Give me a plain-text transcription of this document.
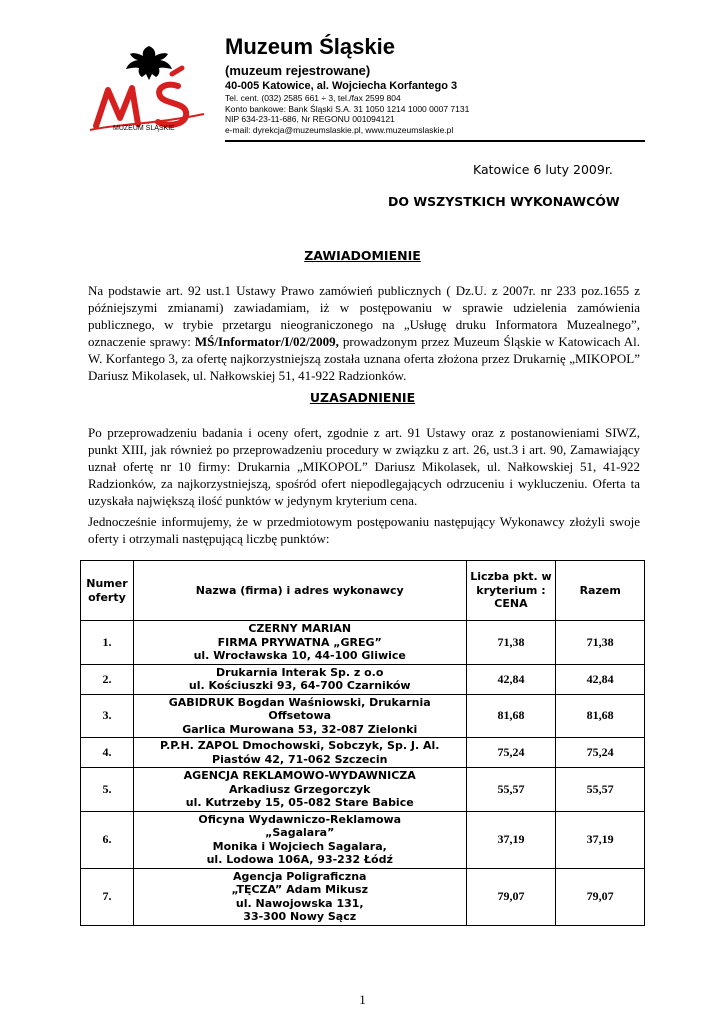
MUZEUM ŚLĄSKIE
Muzeum Śląskie
(muzeum rejestrowane)
40-005 Katowice, al. Wojciecha Korfantego 3
Tel. cent. (032) 2585 661 ÷ 3, tel./fax 2599 804
Konto bankowe: Bank Śląski S.A. 31 1050 1214 1000 0007 7131
NIP 634-23-11-686, Nr REGONU 001094121
e-mail: dyrekcja@muzeumslaskie.pl, www.muzeumslaskie.pl
Katowice 6 luty 2009r.
DO WSZYSTKICH WYKONAWCÓW
ZAWIADOMIENIE
Na podstawie art. 92 ust.1 Ustawy Prawo zamówień publicznych ( Dz.U. z 2007r. nr 233 poz.1655 z późniejszymi zmianami) zawiadamiam, iż w postępowaniu w sprawie udzielenia zamówienia publicznego, w trybie przetargu nieograniczonego na „Usługę druku Informatora Muzealnego”, oznaczenie sprawy: MŚ/Informator/I/02/2009, prowadzonym przez Muzeum Śląskie w Katowicach Al. W. Korfantego 3, za ofertę najkorzystniejszą została uznana oferta złożona przez Drukarnię „MIKOPOL” Dariusz Mikolasek, ul. Nałkowskiej 51, 41-922 Radzionków.
UZASADNIENIE
Po przeprowadzeniu badania i oceny ofert, zgodnie z art. 91 Ustawy oraz z postanowieniami SIWZ, punkt XIII, jak również po przeprowadzeniu procedury w związku z art. 26, ust.3 i art. 90, Zamawiający uznał ofertę nr 10 firmy: Drukarnia „MIKOPOL” Dariusz Mikolasek, ul. Nałkowskiej 51, 41-922 Radzionków, za najkorzystniejszą, spośród ofert niepodlegających odrzuceniu i wykluczeniu. Oferta ta uzyskała największą ilość punktów w jedynym kryterium cena.
Jednocześnie informujemy, że w przedmiotowym postępowaniu następujący Wykonawcy złożyli swoje oferty i otrzymali następującą liczbę punktów:
Numer oferty	Nazwa (firma) i adres wykonawcy	Liczba pkt. w kryterium : CENA	Razem
1.	CZERNY MARIAN
FIRMA PRYWATNA „GREG”
ul. Wrocławska 10, 44-100 Gliwice	71,38	71,38
2.	Drukarnia Interak Sp. z o.o
ul. Kościuszki 93, 64-700 Czarników	42,84	42,84
3.	GABIDRUK Bogdan Waśniowski, Drukarnia
Offsetowa
Garlica Murowana 53, 32-087 Zielonki	81,68	81,68
4.	P.P.H. ZAPOL Dmochowski, Sobczyk, Sp. J. Al.
Piastów 42, 71-062 Szczecin	75,24	75,24
5.	AGENCJA REKLAMOWO-WYDAWNICZA
Arkadiusz Grzegorczyk
ul. Kutrzeby 15, 05-082 Stare Babice	55,57	55,57
6.	Oficyna Wydawniczo-Reklamowa
„Sagalara”
Monika i Wojciech Sagalara,
ul. Lodowa 106A, 93-232 Łódź	37,19	37,19
7.	Agencja Poligraficzna
„TĘCZA” Adam Mikusz
ul. Nawojowska 131,
33-300 Nowy Sącz	79,07	79,07
1
